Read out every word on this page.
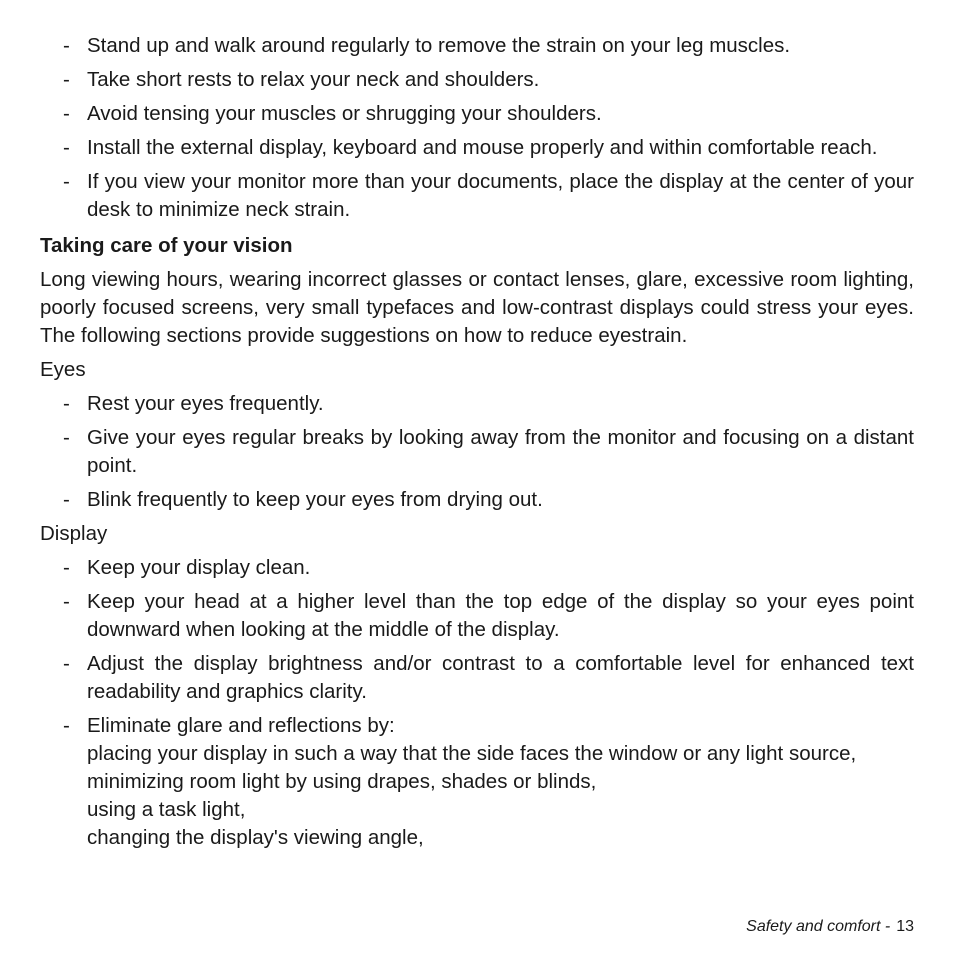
- Stand up and walk around regularly to remove the strain on your leg muscles.
- Take short rests to relax your neck and shoulders.
- Avoid tensing your muscles or shrugging your shoulders.
- Install the external display, keyboard and mouse properly and within comfortable reach.
- If you view your monitor more than your documents, place the display at the center of your desk to minimize neck strain.
Taking care of your vision

Long viewing hours, wearing incorrect glasses or contact lenses, glare, excessive room lighting, poorly focused screens, very small typefaces and low-contrast displays could stress your eyes. The following sections provide suggestions on how to reduce eyestrain.

Eyes
- Rest your eyes frequently.
- Give your eyes regular breaks by looking away from the monitor and focusing on a distant point.
- Blink frequently to keep your eyes from drying out.
Display
- Keep your display clean.
- Keep your head at a higher level than the top edge of the display so your eyes point downward when looking at the middle of the display.
- Adjust the display brightness and/or contrast to a comfortable level for enhanced text readability and graphics clarity.
- Eliminate glare and reflections by:
placing your display in such a way that the side faces the window or any light source,
minimizing room light by using drapes, shades or blinds,
using a task light,
changing the display's viewing angle,
Safety and comfort - 13
